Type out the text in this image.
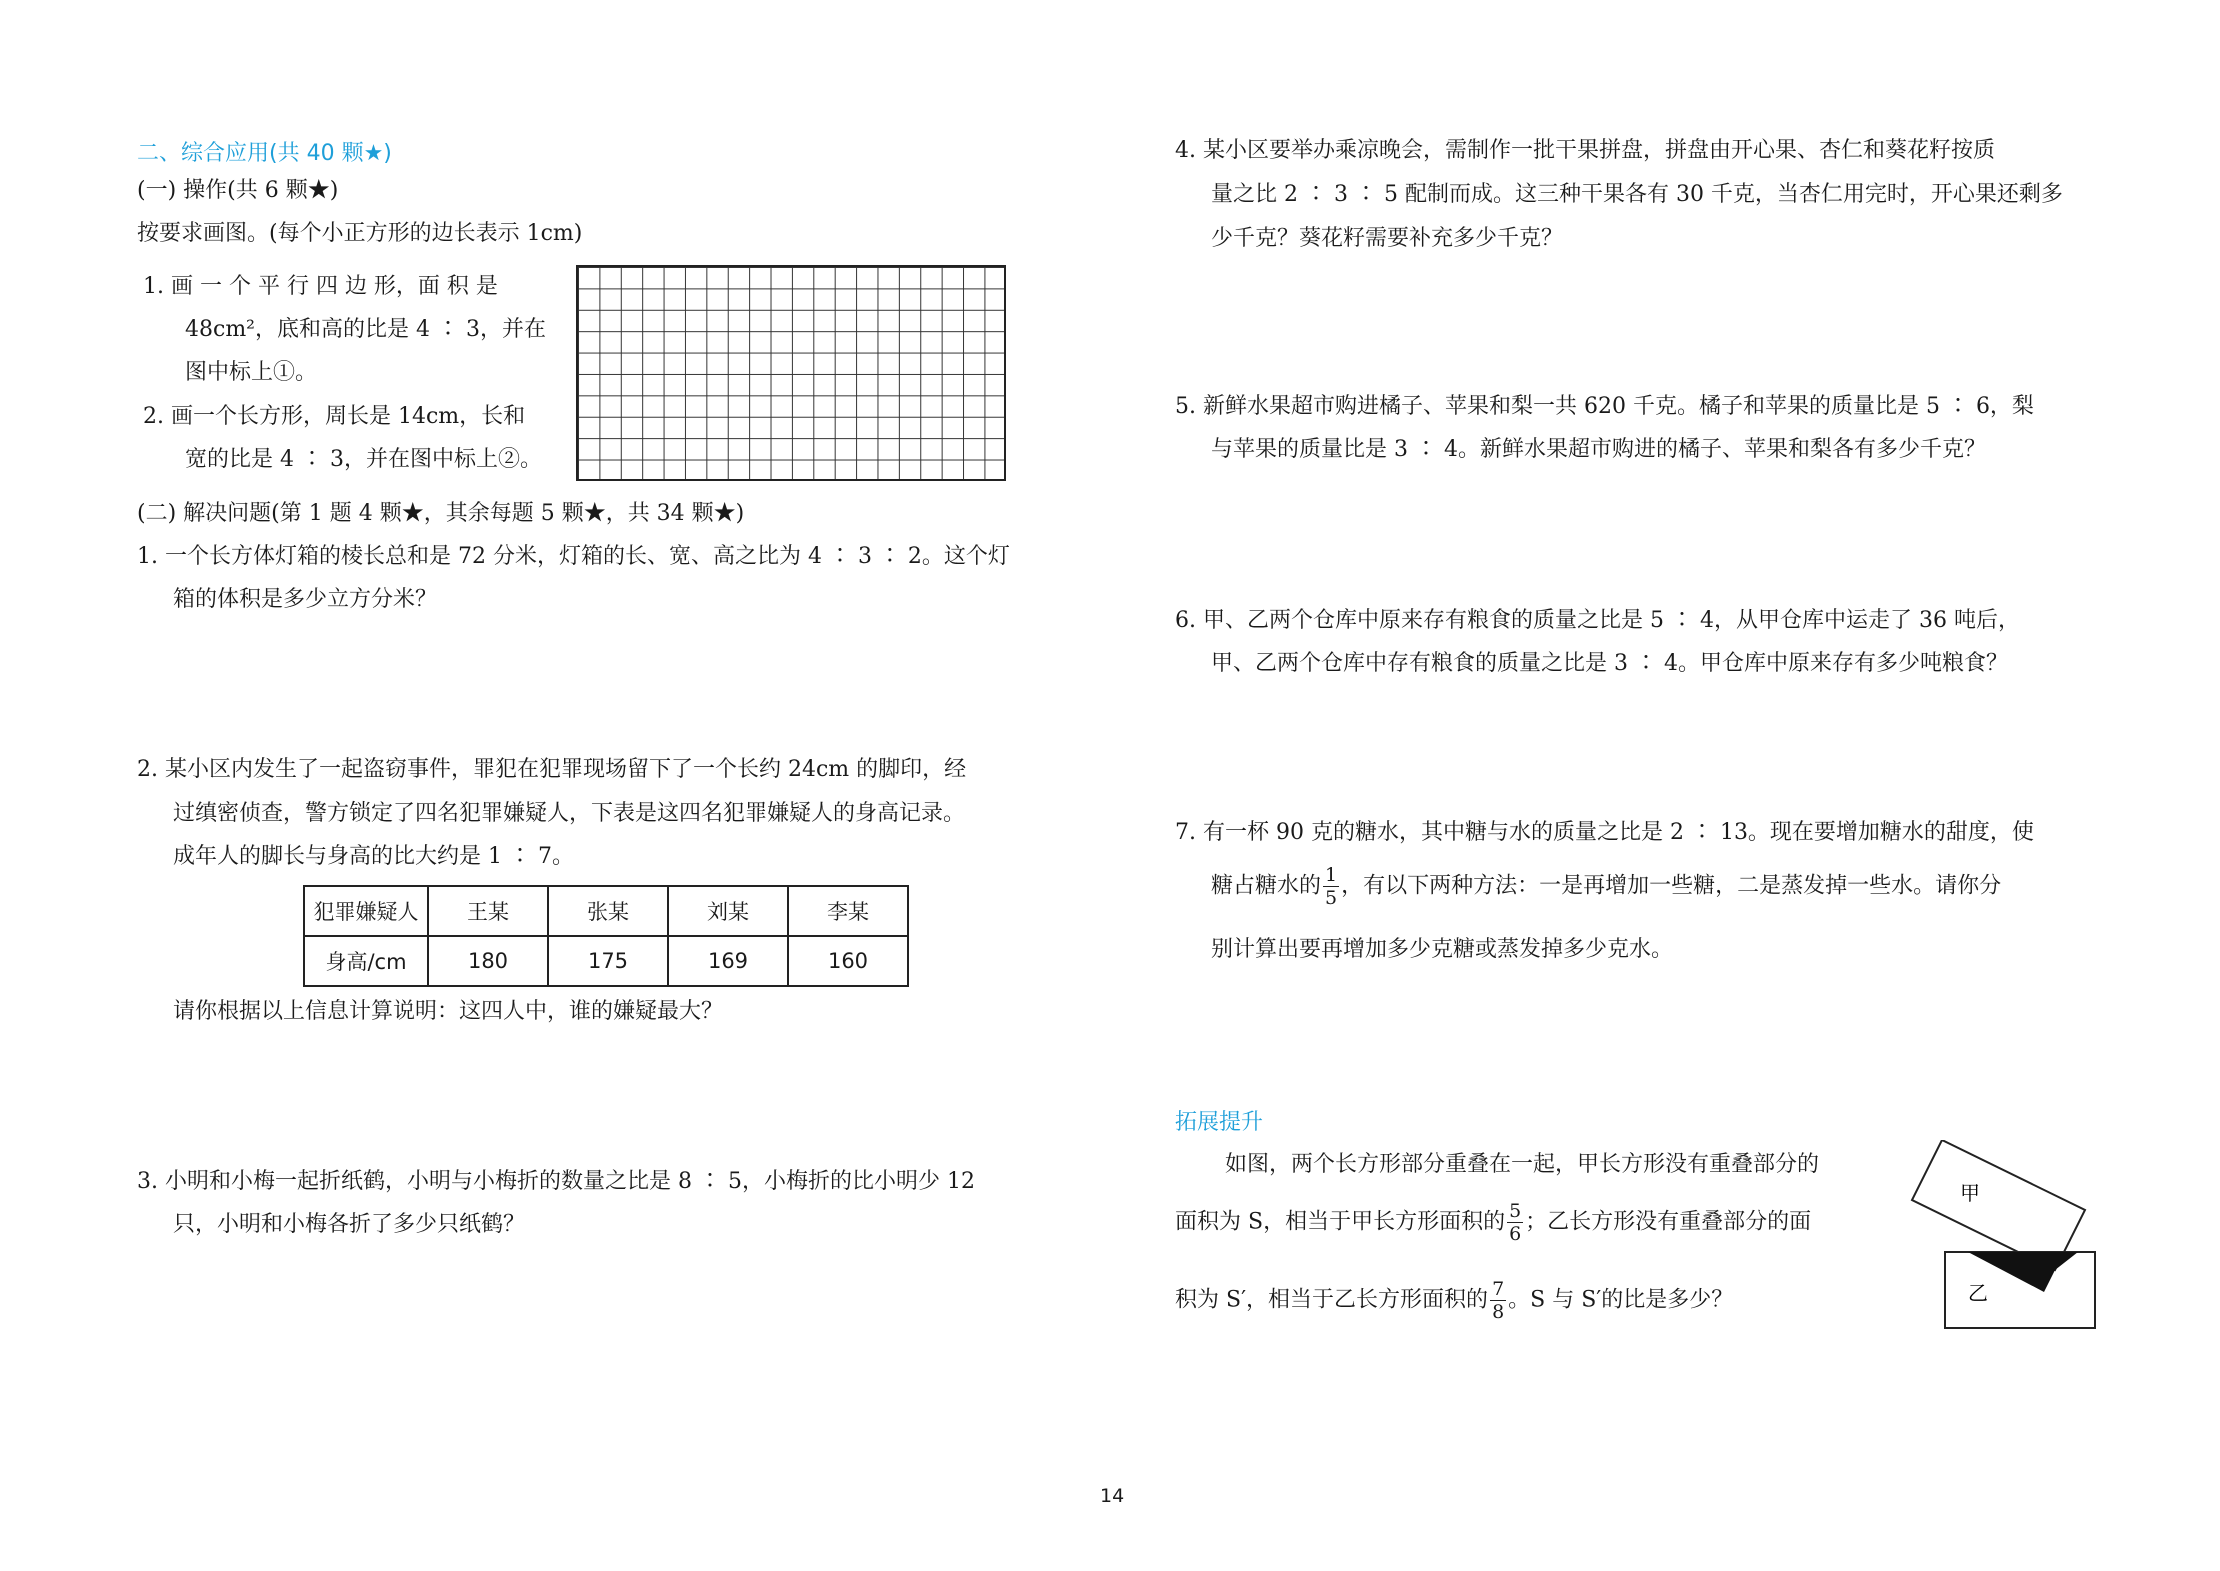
二、综合应用(共 40 颗★)
(一) 操作(共 6 颗★)
按要求画图。(每个小正方形的边长表示 1cm)
1. 画 一 个 平 行 四 边 形，面 积 是
48cm²，底和高的比是 4 ∶ 3，并在
图中标上①。
2. 画一个长方形，周长是 14cm，长和
宽的比是 4 ∶ 3，并在图中标上②。
(二) 解决问题(第 1 题 4 颗★，其余每题 5 颗★，共 34 颗★)
1. 一个长方体灯箱的棱长总和是 72 分米，灯箱的长、宽、高之比为 4 ∶ 3 ∶ 2。这个灯
箱的体积是多少立方分米？
2. 某小区内发生了一起盗窃事件，罪犯在犯罪现场留下了一个长约 24cm 的脚印，经
过缜密侦查，警方锁定了四名犯罪嫌疑人，下表是这四名犯罪嫌疑人的身高记录。
成年人的脚长与身高的比大约是 1 ∶ 7。
犯罪嫌疑人	王某	张某	刘某	李某
身高/cm	180	175	169	160
请你根据以上信息计算说明：这四人中，谁的嫌疑最大？
3. 小明和小梅一起折纸鹤，小明与小梅折的数量之比是 8 ∶ 5，小梅折的比小明少 12
只，小明和小梅各折了多少只纸鹤？
4. 某小区要举办乘凉晚会，需制作一批干果拼盘，拼盘由开心果、杏仁和葵花籽按质
量之比 2 ∶ 3 ∶ 5 配制而成。这三种干果各有 30 千克，当杏仁用完时，开心果还剩多
少千克？葵花籽需要补充多少千克？
5. 新鲜水果超市购进橘子、苹果和梨一共 620 千克。橘子和苹果的质量比是 5 ∶ 6，梨
与苹果的质量比是 3 ∶ 4。新鲜水果超市购进的橘子、苹果和梨各有多少千克？
6. 甲、乙两个仓库中原来存有粮食的质量之比是 5 ∶ 4，从甲仓库中运走了 36 吨后，
甲、乙两个仓库中存有粮食的质量之比是 3 ∶ 4。甲仓库中原来存有多少吨粮食？
7. 有一杯 90 克的糖水，其中糖与水的质量之比是 2 ∶ 13。现在要增加糖水的甜度，使
糖占糖水的 $\frac{1}{5}$ ，有以下两种方法：一是再增加一些糖，二是蒸发掉一些水。请你分
别计算出要再增加多少克糖或蒸发掉多少克水。
拓展提升
如图，两个长方形部分重叠在一起，甲长方形没有重叠部分的
面积为 S，相当于甲长方形面积的 $\frac{5}{6}$ ；乙长方形没有重叠部分的面
积为 S′，相当于乙长方形面积的 $\frac{7}{8}$ 。S 与 S′的比是多少？
甲
乙
14
